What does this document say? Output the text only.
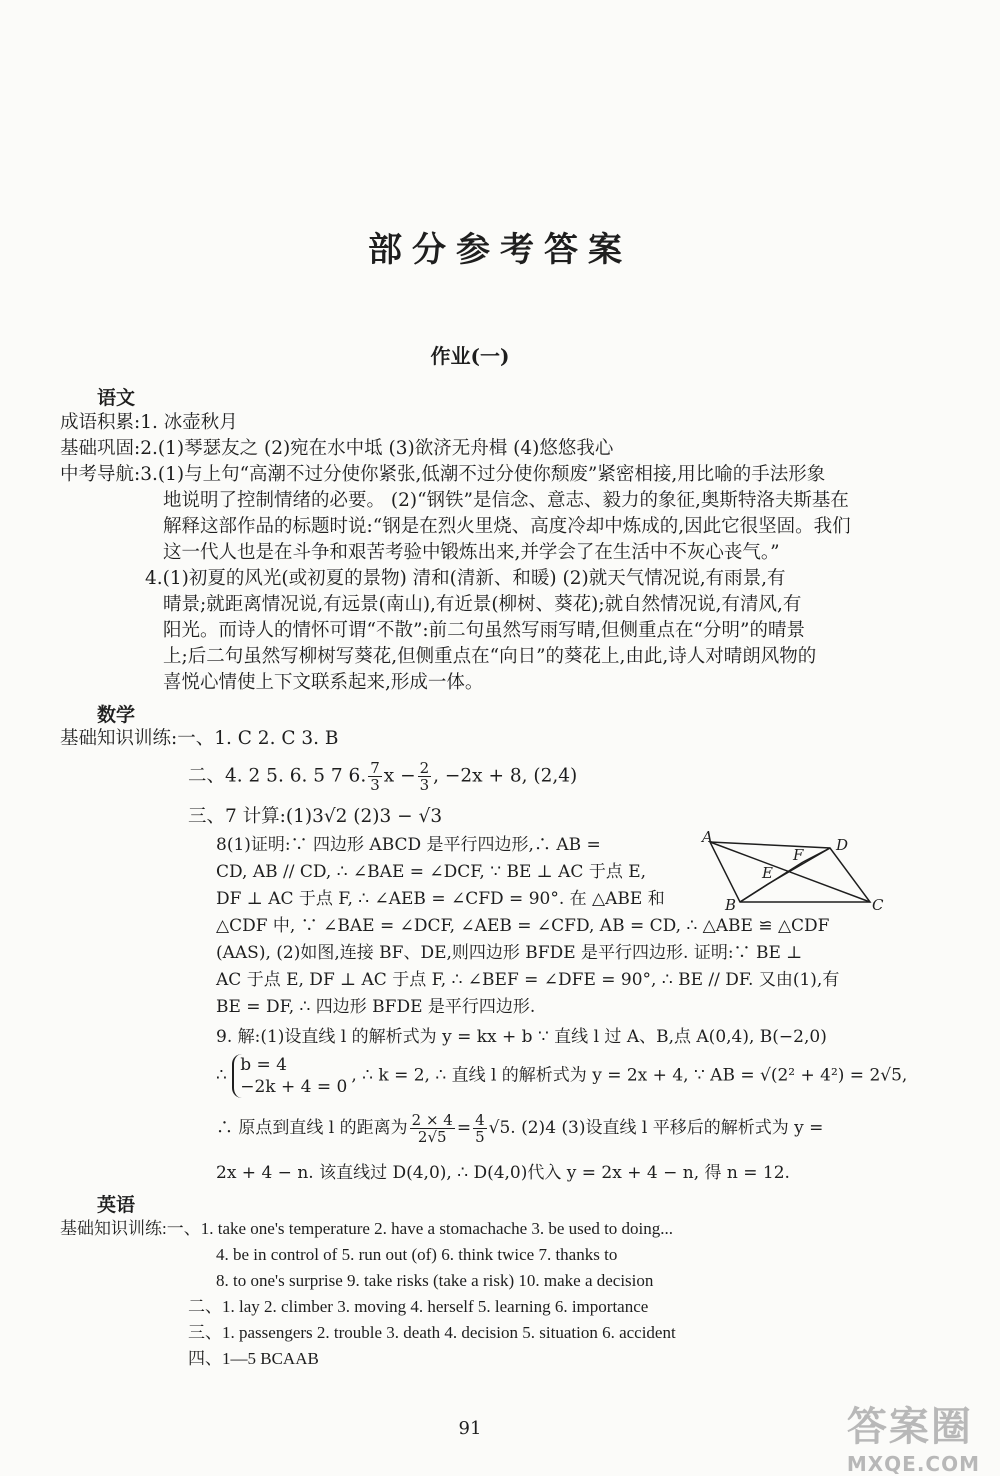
部分参考答案
作业(一)
语文
成语积累:1. 冰壶秋月
基础巩固:2.(1)琴瑟友之 (2)宛在水中坻 (3)欲济无舟楫 (4)悠悠我心
中考导航:3.(1)与上句“高潮不过分使你紧张,低潮不过分使你颓废”紧密相接,用比喻的手法形象
地说明了控制情绪的必要。 (2)“钢铁”是信念、意志、毅力的象征,奥斯特洛夫斯基在
解释这部作品的标题时说:“钢是在烈火里烧、高度冷却中炼成的,因此它很坚固。我们
这一代人也是在斗争和艰苦考验中锻炼出来,并学会了在生活中不灰心丧气。”
4.(1)初夏的风光(或初夏的景物) 清和(清新、和暖) (2)就天气情况说,有雨景,有
晴景;就距离情况说,有远景(南山),有近景(柳树、葵花);就自然情况说,有清风,有
阳光。而诗人的情怀可谓“不散”:前二句虽然写雨写晴,但侧重点在“分明”的晴景
上;后二句虽然写柳树写葵花,但侧重点在“向日”的葵花上,由此,诗人对晴朗风物的
喜悦心情使上下文联系起来,形成一体。
数学
基础知识训练:一、1. C 2. C 3. B
二、4. 2 5. 6. 5 7 6. $\frac{7}{3}$ $x - \frac{2}{3}$ , −2x + 8, (2,4)
三、7 计算:(1)3√2 (2)3 − √3
8(1)证明:∵ 四边形 ABCD 是平行四边形,∴ AB =
CD, AB // CD, ∴ ∠BAE = ∠DCF, ∵ BE ⊥ AC 于点 E,
DF ⊥ AC 于点 F, ∴ ∠AEB = ∠CFD = 90°. 在 △ABE 和
△CDF 中, ∵ ∠BAE = ∠DCF, ∠AEB = ∠CFD, AB = CD, ∴ △ABE ≌ △CDF
(AAS), (2)如图,连接 BF、DE,则四边形 BFDE 是平行四边形. 证明:∵ BE ⊥
AC 于点 E, DF ⊥ AC 于点 F, ∴ ∠BEF = ∠DFE = 90°, ∴ BE // DF. 又由(1),有
BE = DF, ∴ 四边形 BFDE 是平行四边形.
A	D
F
E
B	C
9. 解:(1)设直线 l 的解析式为 y = kx + b ∵ 直线 l 过 A、B,点 A(0,4), B(−2,0)
∴
b = 4
−2k + 4 = 0
, ∴ k = 2, ∴ 直线 l 的解析式为 y = 2x + 4, ∵ AB = √(2² + 4²) = 2√5,
∴ 原点到直线 l 的距离为 $\frac{2 \times 4}{2√5} = \frac{4}{5} √5$. (2)4 (3)设直线 l 平移后的解析式为 y =
2x + 4 − n. 该直线过 D(4,0), ∴ D(4,0)代入 y = 2x + 4 − n, 得 n = 12.
英语
基础知识训练:一、1. take one's temperature 2. have a stomachache 3. be used to doing...
4. be in control of 5. run out (of) 6. think twice 7. thanks to
8. to one's surprise 9. take risks (take a risk) 10. make a decision
二、1. lay 2. climber 3. moving 4. herself 5. learning 6. importance
三、1. passengers 2. trouble 3. death 4. decision 5. situation 6. accident
四、1—5 BCAAB
91	答案圈
MXQE.COM
